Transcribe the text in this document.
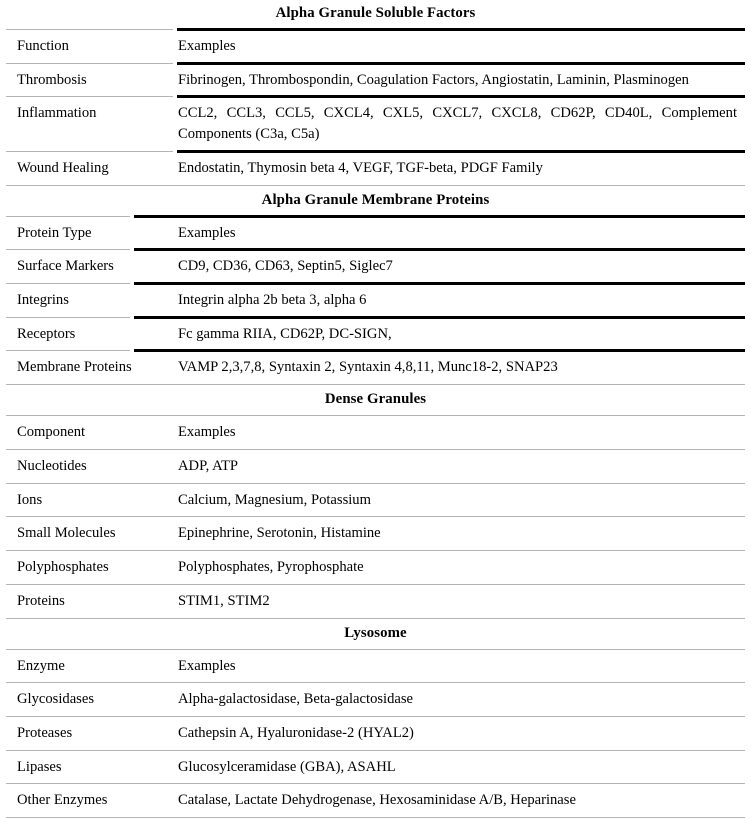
Alpha Granule Soluble Factors	

Function	Examples

Thrombosis	Fibrinogen, Thrombospondin, Coagulation Factors, Angiostatin, Laminin, Plasminogen

Inflammation	CCL2, CCL3, CCL5, CXCL4, CXL5, CXCL7, CXCL8, CD62P, CD40L, Complement Components (C3a, C5a)

Wound Healing	Endostatin, Thymosin beta 4, VEGF, TGF-beta, PDGF Family

Alpha Granule Membrane Proteins	

Protein Type	Examples

Surface Markers	CD9, CD36, CD63, Septin5, Siglec7

Integrins	Integrin alpha 2b beta 3, alpha 6

Receptors	Fc gamma RIIA, CD62P, DC-SIGN,

Membrane Proteins	VAMP 2,3,7,8, Syntaxin 2, Syntaxin 4,8,11, Munc18-2, SNAP23

Dense Granules	

Component	Examples

Nucleotides	ADP, ATP

Ions	Calcium, Magnesium, Potassium

Small Molecules	Epinephrine, Serotonin, Histamine

Polyphosphates	Polyphosphates, Pyrophosphate

Proteins	STIM1, STIM2

Lysosome	

Enzyme	Examples

Glycosidases	Alpha-galactosidase, Beta-galactosidase

Proteases	Cathepsin A, Hyaluronidase-2 (HYAL2)

Lipases	Glucosylceramidase (GBA), ASAHL

Other Enzymes	Catalase, Lactate Dehydrogenase, Hexosaminidase A/B, Heparinase
